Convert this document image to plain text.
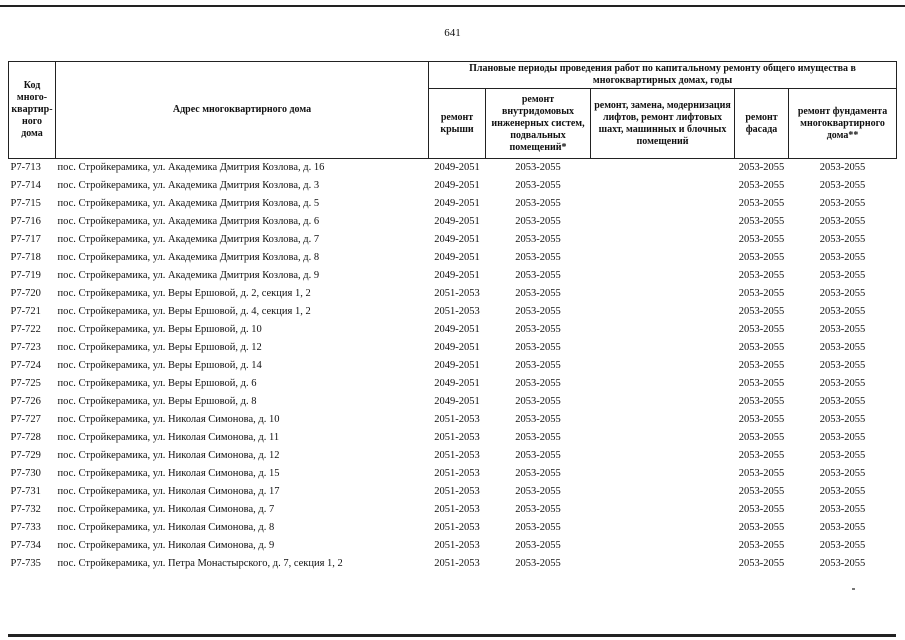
641
Код много-квартир-ного дома	Адрес многоквартирного дома	Плановые периоды проведения работ по капитальному ремонту общего имущества в многоквартирных домах, годы				
		ремонт крыши	ремонт внутридомовых инженерных систем, подвальных помещений*	ремонт, замена, модернизация лифтов, ремонт лифтовых шахт, машинных и блочных помещений	ремонт фасада	ремонт фундамента многоквартирного дома**
Р7-713	пос. Стройкерамика, ул. Академика Дмитрия Козлова, д. 16	2049-2051	2053-2055		2053-2055	2053-2055
Р7-714	пос. Стройкерамика, ул. Академика Дмитрия Козлова, д. 3	2049-2051	2053-2055		2053-2055	2053-2055
Р7-715	пос. Стройкерамика, ул. Академика Дмитрия Козлова, д. 5	2049-2051	2053-2055		2053-2055	2053-2055
Р7-716	пос. Стройкерамика, ул. Академика Дмитрия Козлова, д. 6	2049-2051	2053-2055		2053-2055	2053-2055
Р7-717	пос. Стройкерамика, ул. Академика Дмитрия Козлова, д. 7	2049-2051	2053-2055		2053-2055	2053-2055
Р7-718	пос. Стройкерамика, ул. Академика Дмитрия Козлова, д. 8	2049-2051	2053-2055		2053-2055	2053-2055
Р7-719	пос. Стройкерамика, ул. Академика Дмитрия Козлова, д. 9	2049-2051	2053-2055		2053-2055	2053-2055
Р7-720	пос. Стройкерамика, ул. Веры Ершовой, д. 2, секция 1, 2	2051-2053	2053-2055		2053-2055	2053-2055
Р7-721	пос. Стройкерамика, ул. Веры Ершовой, д. 4, секция 1, 2	2051-2053	2053-2055		2053-2055	2053-2055
Р7-722	пос. Стройкерамика, ул. Веры Ершовой, д. 10	2049-2051	2053-2055		2053-2055	2053-2055
Р7-723	пос. Стройкерамика, ул. Веры Ершовой, д. 12	2049-2051	2053-2055		2053-2055	2053-2055
Р7-724	пос. Стройкерамика, ул. Веры Ершовой, д. 14	2049-2051	2053-2055		2053-2055	2053-2055
Р7-725	пос. Стройкерамика, ул. Веры Ершовой, д. 6	2049-2051	2053-2055		2053-2055	2053-2055
Р7-726	пос. Стройкерамика, ул. Веры Ершовой, д. 8	2049-2051	2053-2055		2053-2055	2053-2055
Р7-727	пос. Стройкерамика, ул. Николая Симонова, д. 10	2051-2053	2053-2055		2053-2055	2053-2055
Р7-728	пос. Стройкерамика, ул. Николая Симонова, д. 11	2051-2053	2053-2055		2053-2055	2053-2055
Р7-729	пос. Стройкерамика, ул. Николая Симонова, д. 12	2051-2053	2053-2055		2053-2055	2053-2055
Р7-730	пос. Стройкерамика, ул. Николая Симонова, д. 15	2051-2053	2053-2055		2053-2055	2053-2055
Р7-731	пос. Стройкерамика, ул. Николая Симонова, д. 17	2051-2053	2053-2055		2053-2055	2053-2055
Р7-732	пос. Стройкерамика, ул. Николая Симонова, д. 7	2051-2053	2053-2055		2053-2055	2053-2055
Р7-733	пос. Стройкерамика, ул. Николая Симонова, д. 8	2051-2053	2053-2055		2053-2055	2053-2055
Р7-734	пос. Стройкерамика, ул. Николая Симонова, д. 9	2051-2053	2053-2055		2053-2055	2053-2055
Р7-735	пос. Стройкерамика, ул. Петра Монастырского, д. 7, секция 1, 2	2051-2053	2053-2055		2053-2055	2053-2055
